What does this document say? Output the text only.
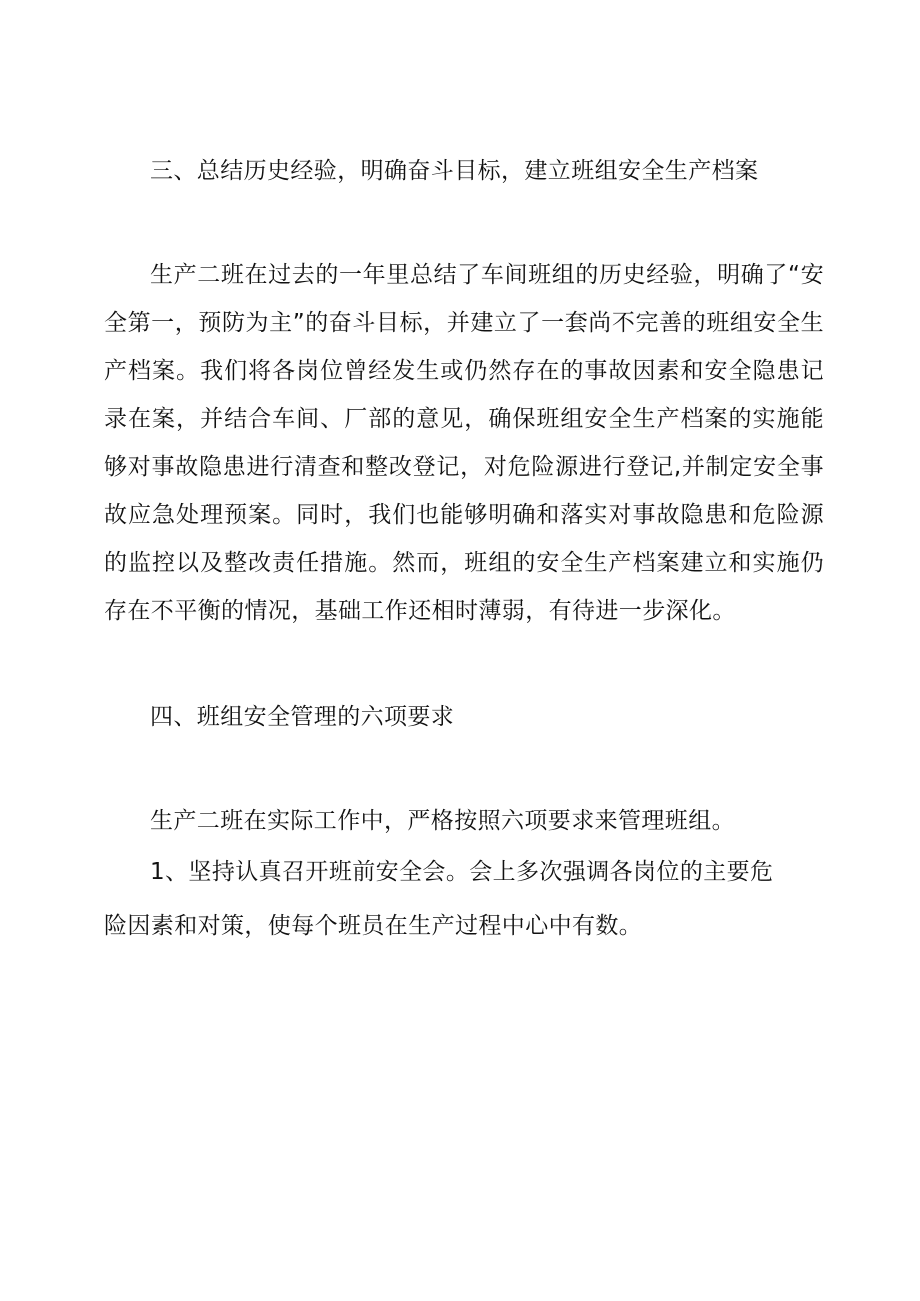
三、总结历史经验，明确奋斗目标，建立班组安全生产档案

生产二班在过去的一年里总结了车间班组的历史经验，明确了“安全第一，预防为主”的奋斗目标，并建立了一套尚不完善的班组安全生产档案。我们将各岗位曾经发生或仍然存在的事故因素和安全隐患记录在案，并结合车间、厂部的意见，确保班组安全生产档案的实施能够对事故隐患进行清查和整改登记，对危险源进行登记,并制定安全事故应急处理预案。同时，我们也能够明确和落实对事故隐患和危险源的监控以及整改责任措施。然而，班组的安全生产档案建立和实施仍存在不平衡的情况，基础工作还相时薄弱，有待进一步深化。

四、班组安全管理的六项要求

生产二班在实际工作中，严格按照六项要求来管理班组。

1、坚持认真召开班前安全会。会上多次强调各岗位的主要危
险因素和对策，使每个班员在生产过程中心中有数。
